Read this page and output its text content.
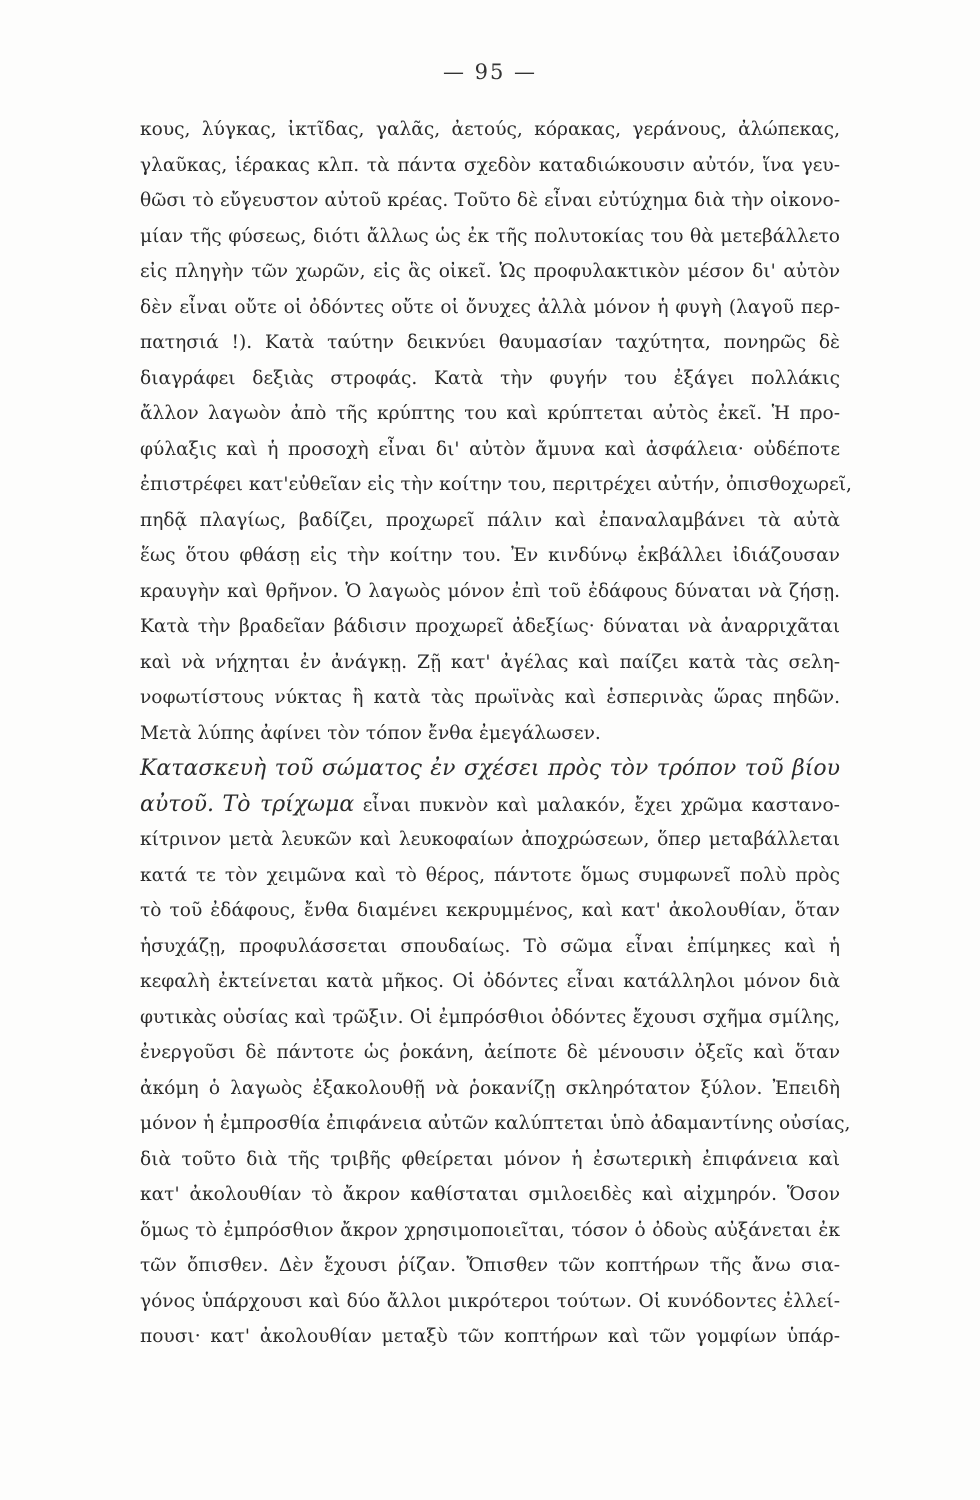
— 95 —
κους, λύγκας, ἰκτῖδας, γαλᾶς, ἀετούς, κόρακας, γεράνους, ἀλώπεκας,
γλαῦκας, ἱέρακας κλπ. τὰ πάντα σχεδὸν καταδιώκουσιν αὐτόν, ἵνα γευ-
θῶσι τὸ εὔγευστον αὐτοῦ κρέας. Τοῦτο δὲ εἶναι εὐτύχημα διὰ τὴν οἰκονο-
μίαν τῆς φύσεως, διότι ἄλλως ὡς ἐκ τῆς πολυτοκίας του θὰ μετεβάλλετο
εἰς πληγὴν τῶν χωρῶν, εἰς ἃς οἰκεῖ. Ὡς προφυλακτικὸν μέσον δι' αὐτὸν
δὲν εἶναι οὔτε οἱ ὀδόντες οὔτε οἱ ὄνυχες ἀλλὰ μόνον ἡ φυγὴ (λαγοῦ περ-
πατησιά !). Κατὰ ταύτην δεικνύει θαυμασίαν ταχύτητα, πονηρῶς δὲ
διαγράφει δεξιὰς στροφάς. Κατὰ τὴν φυγήν του ἐξάγει πολλάκις
ἄλλον λαγωὸν ἀπὸ τῆς κρύπτης του καὶ κρύπτεται αὐτὸς ἐκεῖ. Ἡ προ-
φύλαξις καὶ ἡ προσοχὴ εἶναι δι' αὐτὸν ἄμυνα καὶ ἀσφάλεια· οὐδέποτε
ἐπιστρέφει κατ'εὐθεῖαν εἰς τὴν κοίτην του, περιτρέχει αὐτήν, ὀπισθοχωρεῖ,
πηδᾷ πλαγίως, βαδίζει, προχωρεῖ πάλιν καὶ ἐπαναλαμβάνει τὰ αὐτὰ
ἕως ὅτου φθάσῃ εἰς τὴν κοίτην του. Ἐν κινδύνῳ ἐκβάλλει ἰδιάζουσαν
κραυγὴν καὶ θρῆνον. Ὁ λαγωὸς μόνον ἐπὶ τοῦ ἐδάφους δύναται νὰ ζήσῃ.
Κατὰ τὴν βραδεῖαν βάδισιν προχωρεῖ ἀδεξίως· δύναται νὰ ἀναρριχᾶται
καὶ νὰ νήχηται ἐν ἀνάγκῃ. Ζῇ κατ' ἀγέλας καὶ παίζει κατὰ τὰς σελη-
νοφωτίστους νύκτας ἢ κατὰ τὰς πρωϊνὰς καὶ ἑσπερινὰς ὥρας πηδῶν.
Μετὰ λύπης ἀφίνει τὸν τόπον ἔνθα ἐμεγάλωσεν.
Κατασκευὴ τοῦ σώματος ἐν σχέσει πρὸς τὸν τρόπον τοῦ βίου
αὐτοῦ. Τὸ τρίχωμα εἶναι πυκνὸν καὶ μαλακόν, ἔχει χρῶμα καστανο-
κίτρινον μετὰ λευκῶν καὶ λευκοφαίων ἀποχρώσεων, ὅπερ μεταβάλλεται
κατά τε τὸν χειμῶνα καὶ τὸ θέρος, πάντοτε ὅμως συμφωνεῖ πολὺ πρὸς
τὸ τοῦ ἐδάφους, ἔνθα διαμένει κεκρυμμένος, καὶ κατ' ἀκολουθίαν, ὅταν
ἡσυχάζῃ, προφυλάσσεται σπουδαίως. Τὸ σῶμα εἶναι ἐπίμηκες καὶ ἡ
κεφαλὴ ἐκτείνεται κατὰ μῆκος. Οἱ ὀδόντες εἶναι κατάλληλοι μόνον διὰ
φυτικὰς οὐσίας καὶ τρῶξιν. Οἱ ἐμπρόσθιοι ὀδόντες ἔχουσι σχῆμα σμίλης,
ἐνεργοῦσι δὲ πάντοτε ὡς ῥοκάνη, ἀείποτε δὲ μένουσιν ὀξεῖς καὶ ὅταν
ἀκόμη ὁ λαγωὸς ἐξακολουθῇ νὰ ῥοκανίζῃ σκληρότατον ξύλον. Ἐπειδὴ
μόνον ἡ ἐμπροσθία ἐπιφάνεια αὐτῶν καλύπτεται ὑπὸ ἀδαμαντίνης οὐσίας,
διὰ τοῦτο διὰ τῆς τριβῆς φθείρεται μόνον ἡ ἐσωτερικὴ ἐπιφάνεια καὶ
κατ' ἀκολουθίαν τὸ ἄκρον καθίσταται σμιλοειδὲς καὶ αἰχμηρόν. Ὅσον
ὅμως τὸ ἐμπρόσθιον ἄκρον χρησιμοποιεῖται, τόσον ὁ ὀδοὺς αὐξάνεται ἐκ
τῶν ὄπισθεν. Δὲν ἔχουσι ῥίζαν. Ὄπισθεν τῶν κοπτήρων τῆς ἄνω σια-
γόνος ὑπάρχουσι καὶ δύο ἄλλοι μικρότεροι τούτων. Οἱ κυνόδοντες ἐλλεί-
πουσι· κατ' ἀκολουθίαν μεταξὺ τῶν κοπτήρων καὶ τῶν γομφίων ὑπάρ-
